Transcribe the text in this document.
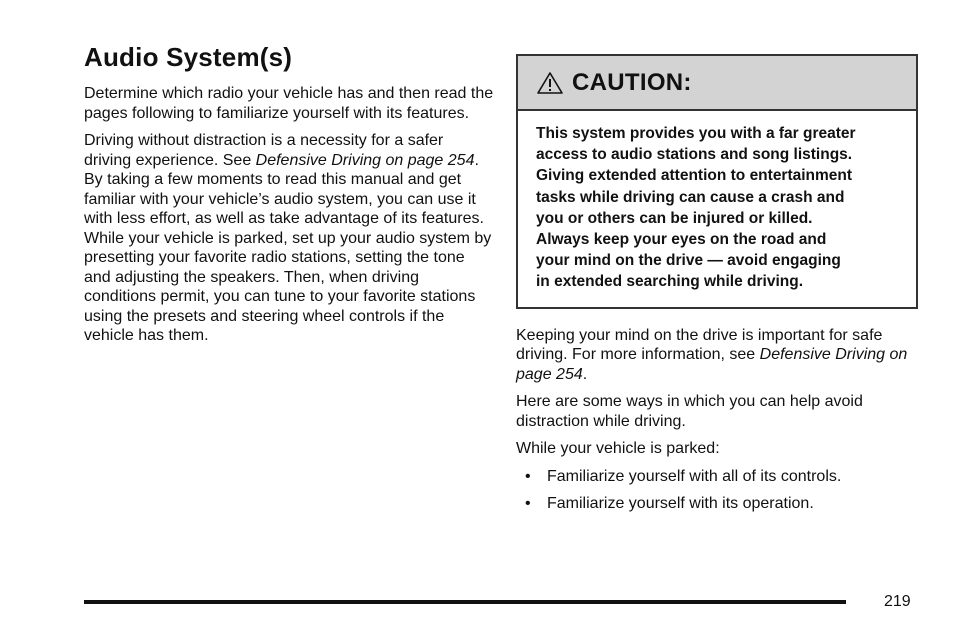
Audio System(s)

Determine which radio your vehicle has and then read the pages following to familiarize yourself with its features.

Driving without distraction is a necessity for a safer driving experience. See Defensive Driving on page 254. By taking a few moments to read this manual and get familiar with your vehicle’s audio system, you can use it with less effort, as well as take advantage of its features. While your vehicle is parked, set up your audio system by presetting your favorite radio stations, setting the tone and adjusting the speakers. Then, when driving conditions permit, you can tune to your favorite stations using the presets and steering wheel controls if the vehicle has them.

CAUTION:
This system provides you with a far greater
access to audio stations and song listings.
Giving extended attention to entertainment
tasks while driving can cause a crash and
you or others can be injured or killed.
Always keep your eyes on the road and
your mind on the drive — avoid engaging
in extended searching while driving.

Keeping your mind on the drive is important for safe driving. For more information, see Defensive Driving on page 254.

Here are some ways in which you can help avoid distraction while driving.

While your vehicle is parked:

• Familiarize yourself with all of its controls.
• Familiarize yourself with its operation.
219
